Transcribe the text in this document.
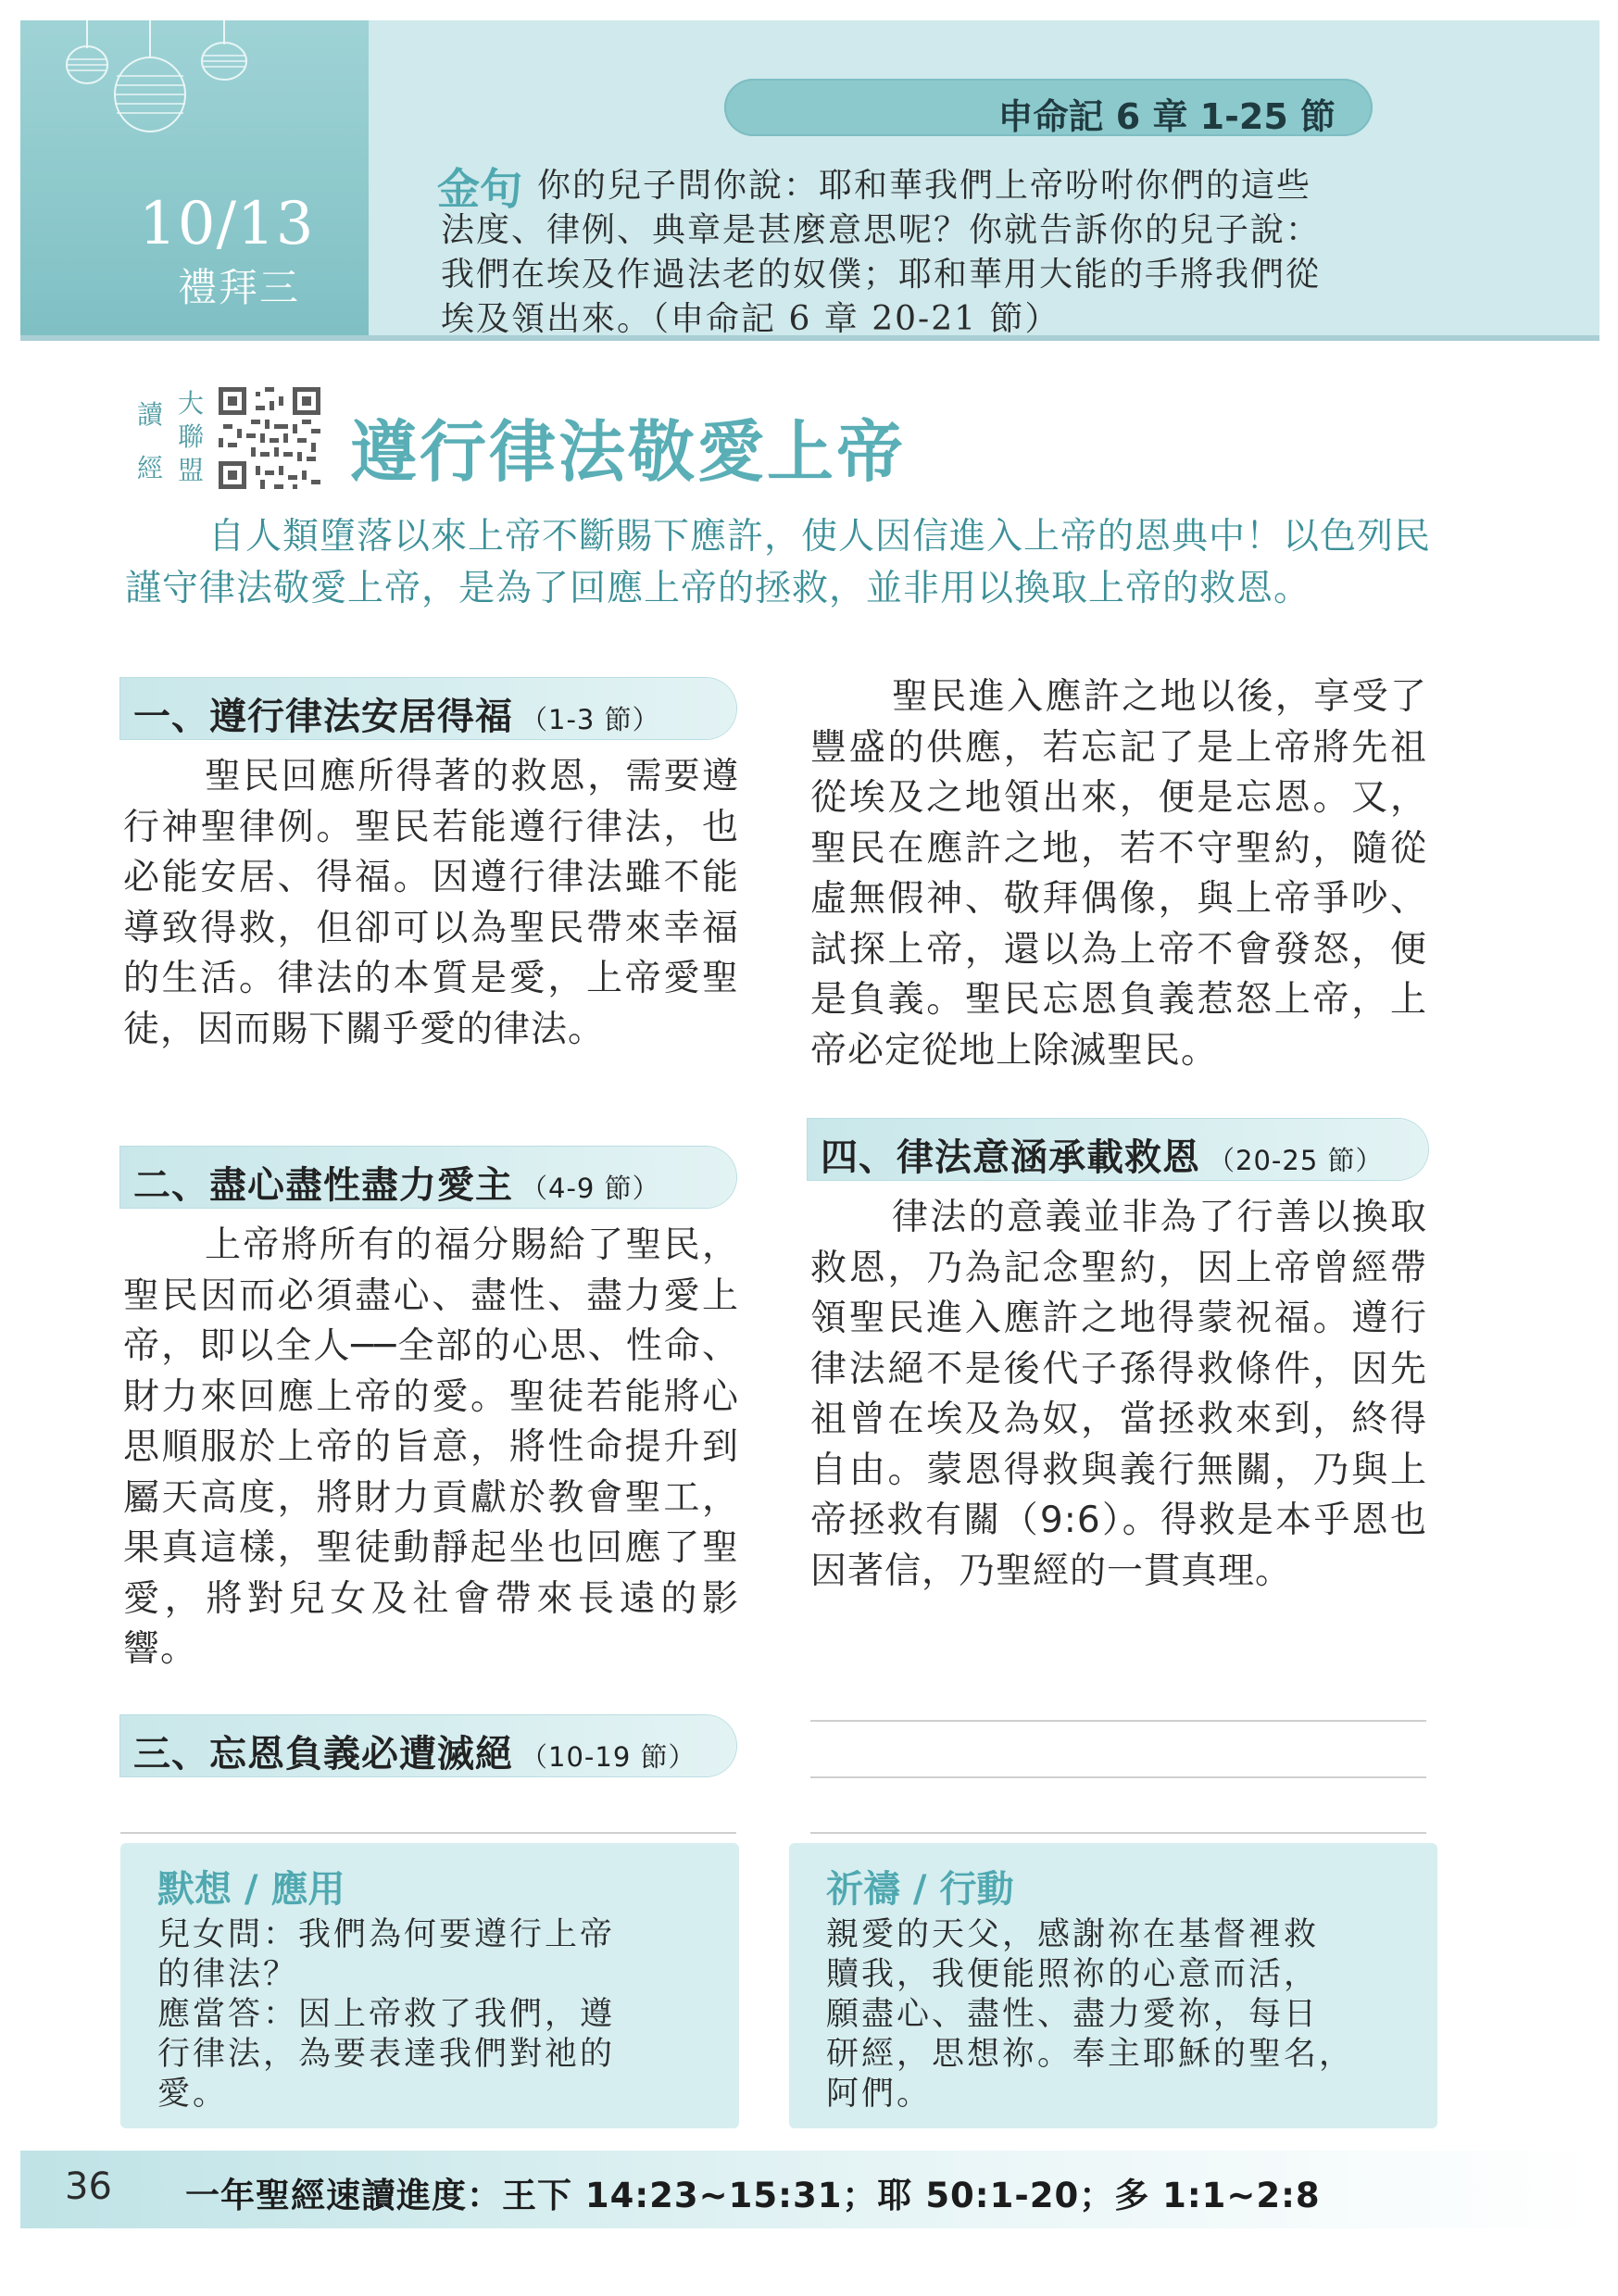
10/13
禮拜三
申命記 6 章 1-25 節
金句 你的兒子問你說：耶和華我們上帝吩咐你們的這些
法度、律例、典章是甚麼意思呢？你就告訴你的兒子說：
我們在埃及作過法老的奴僕；耶和華用大能的手將我們從
埃及領出來。（申命記 6 章 20-21 節）
讀
經
大
聯
盟 遵行律法敬愛上帝
自人類墮落以來上帝不斷賜下應許，使人因信進入上帝的恩典中！以色列民謹守律法敬愛上帝，是為了回應上帝的拯救，並非用以換取上帝的救恩。
一、遵行律法安居得福 （1-3 節）
聖民回應所得著的救恩，需要遵行神聖律例。聖民若能遵行律法，也必能安居、得福。因遵行律法雖不能導致得救，但卻可以為聖民帶來幸福的生活。律法的本質是愛，上帝愛聖徒，因而賜下關乎愛的律法。
二、盡心盡性盡力愛主 （4-9 節）
上帝將所有的福分賜給了聖民，聖民因而必須盡心、盡性、盡力愛上帝，即以全人──全部的心思、性命、財力來回應上帝的愛。聖徒若能將心思順服於上帝的旨意，將性命提升到屬天高度，將財力貢獻於教會聖工，果真這樣，聖徒動靜起坐也回應了聖愛，將對兒女及社會帶來長遠的影響。
三、忘恩負義必遭滅絕 （10-19 節）
聖民進入應許之地以後，享受了豐盛的供應，若忘記了是上帝將先祖從埃及之地領出來，便是忘恩。又，聖民在應許之地，若不守聖約，隨從虛無假神、敬拜偶像，與上帝爭吵、試探上帝，還以為上帝不會發怒，便是負義。聖民忘恩負義惹怒上帝，上帝必定從地上除滅聖民。
四、律法意涵承載救恩 （20-25 節）
律法的意義並非為了行善以換取救恩，乃為記念聖約，因上帝曾經帶領聖民進入應許之地得蒙祝福。遵行律法絕不是後代子孫得救條件，因先祖曾在埃及為奴，當拯救來到，終得自由。蒙恩得救與義行無關，乃與上帝拯救有關（9:6）。得救是本乎恩也因著信，乃聖經的一貫真理。
默想 / 應用
兒女問：我們為何要遵行上帝
的律法？
應當答：因上帝救了我們，遵
行律法，為要表達我們對祂的
愛。
祈禱 / 行動
親愛的天父，感謝祢在基督裡救
贖我，我便能照祢的心意而活，
願盡心、盡性、盡力愛祢，每日
研經，思想祢。奉主耶穌的聖名，
阿們。
36 一年聖經速讀進度：王下 14:23~15:31；耶 50:1-20；多 1:1~2:8
